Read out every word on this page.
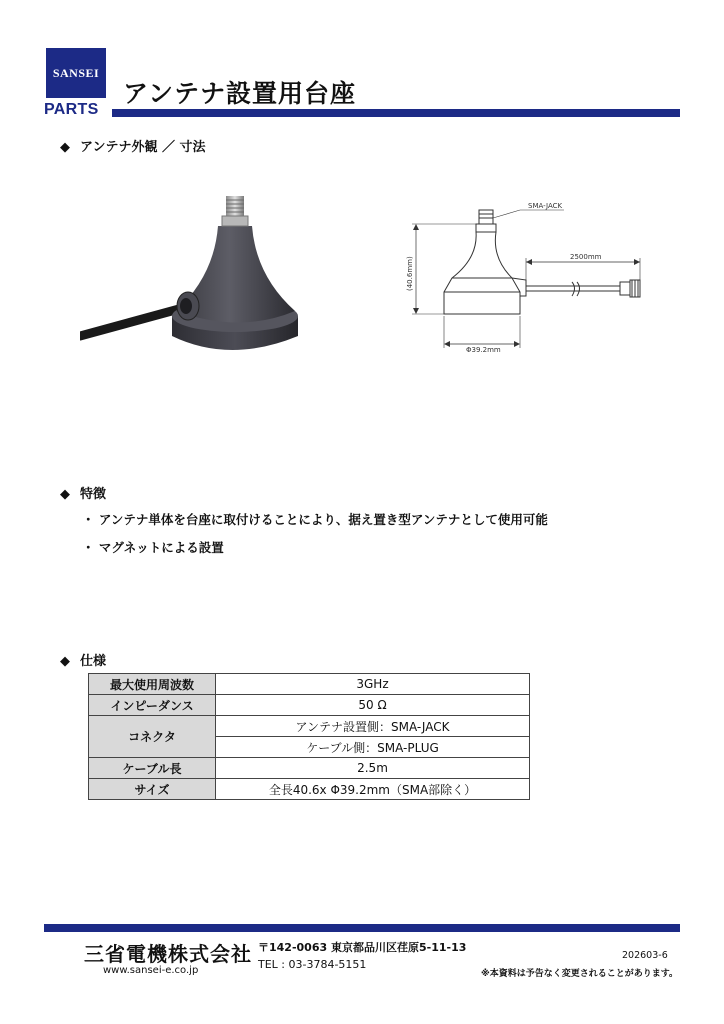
SANSEI
PARTS
アンテナ設置用台座
◆ アンテナ外観 ／ 寸法
SMA-JACK
(40.6mm)	2500mm
Φ39.2mm
◆ 特徴
・ アンテナ単体を台座に取付けることにより、据え置き型アンテナとして使用可能
・ マグネットによる設置
◆ 仕様
最大使用周波数	3GHz
インピーダンス	50 Ω
コネクタ	アンテナ設置側：SMA-JACK
	ケーブル側：SMA-PLUG
ケーブル長	2.5m
サイズ	全長40.6x Φ39.2mm（SMA部除く）
三省電機株式会社
www.sansei-e.co.jp
〒142-0063 東京都品川区荏原5-11-13
TEL : 03-3784-5151
202603-6
※本資料は予告なく変更されることがあります。
